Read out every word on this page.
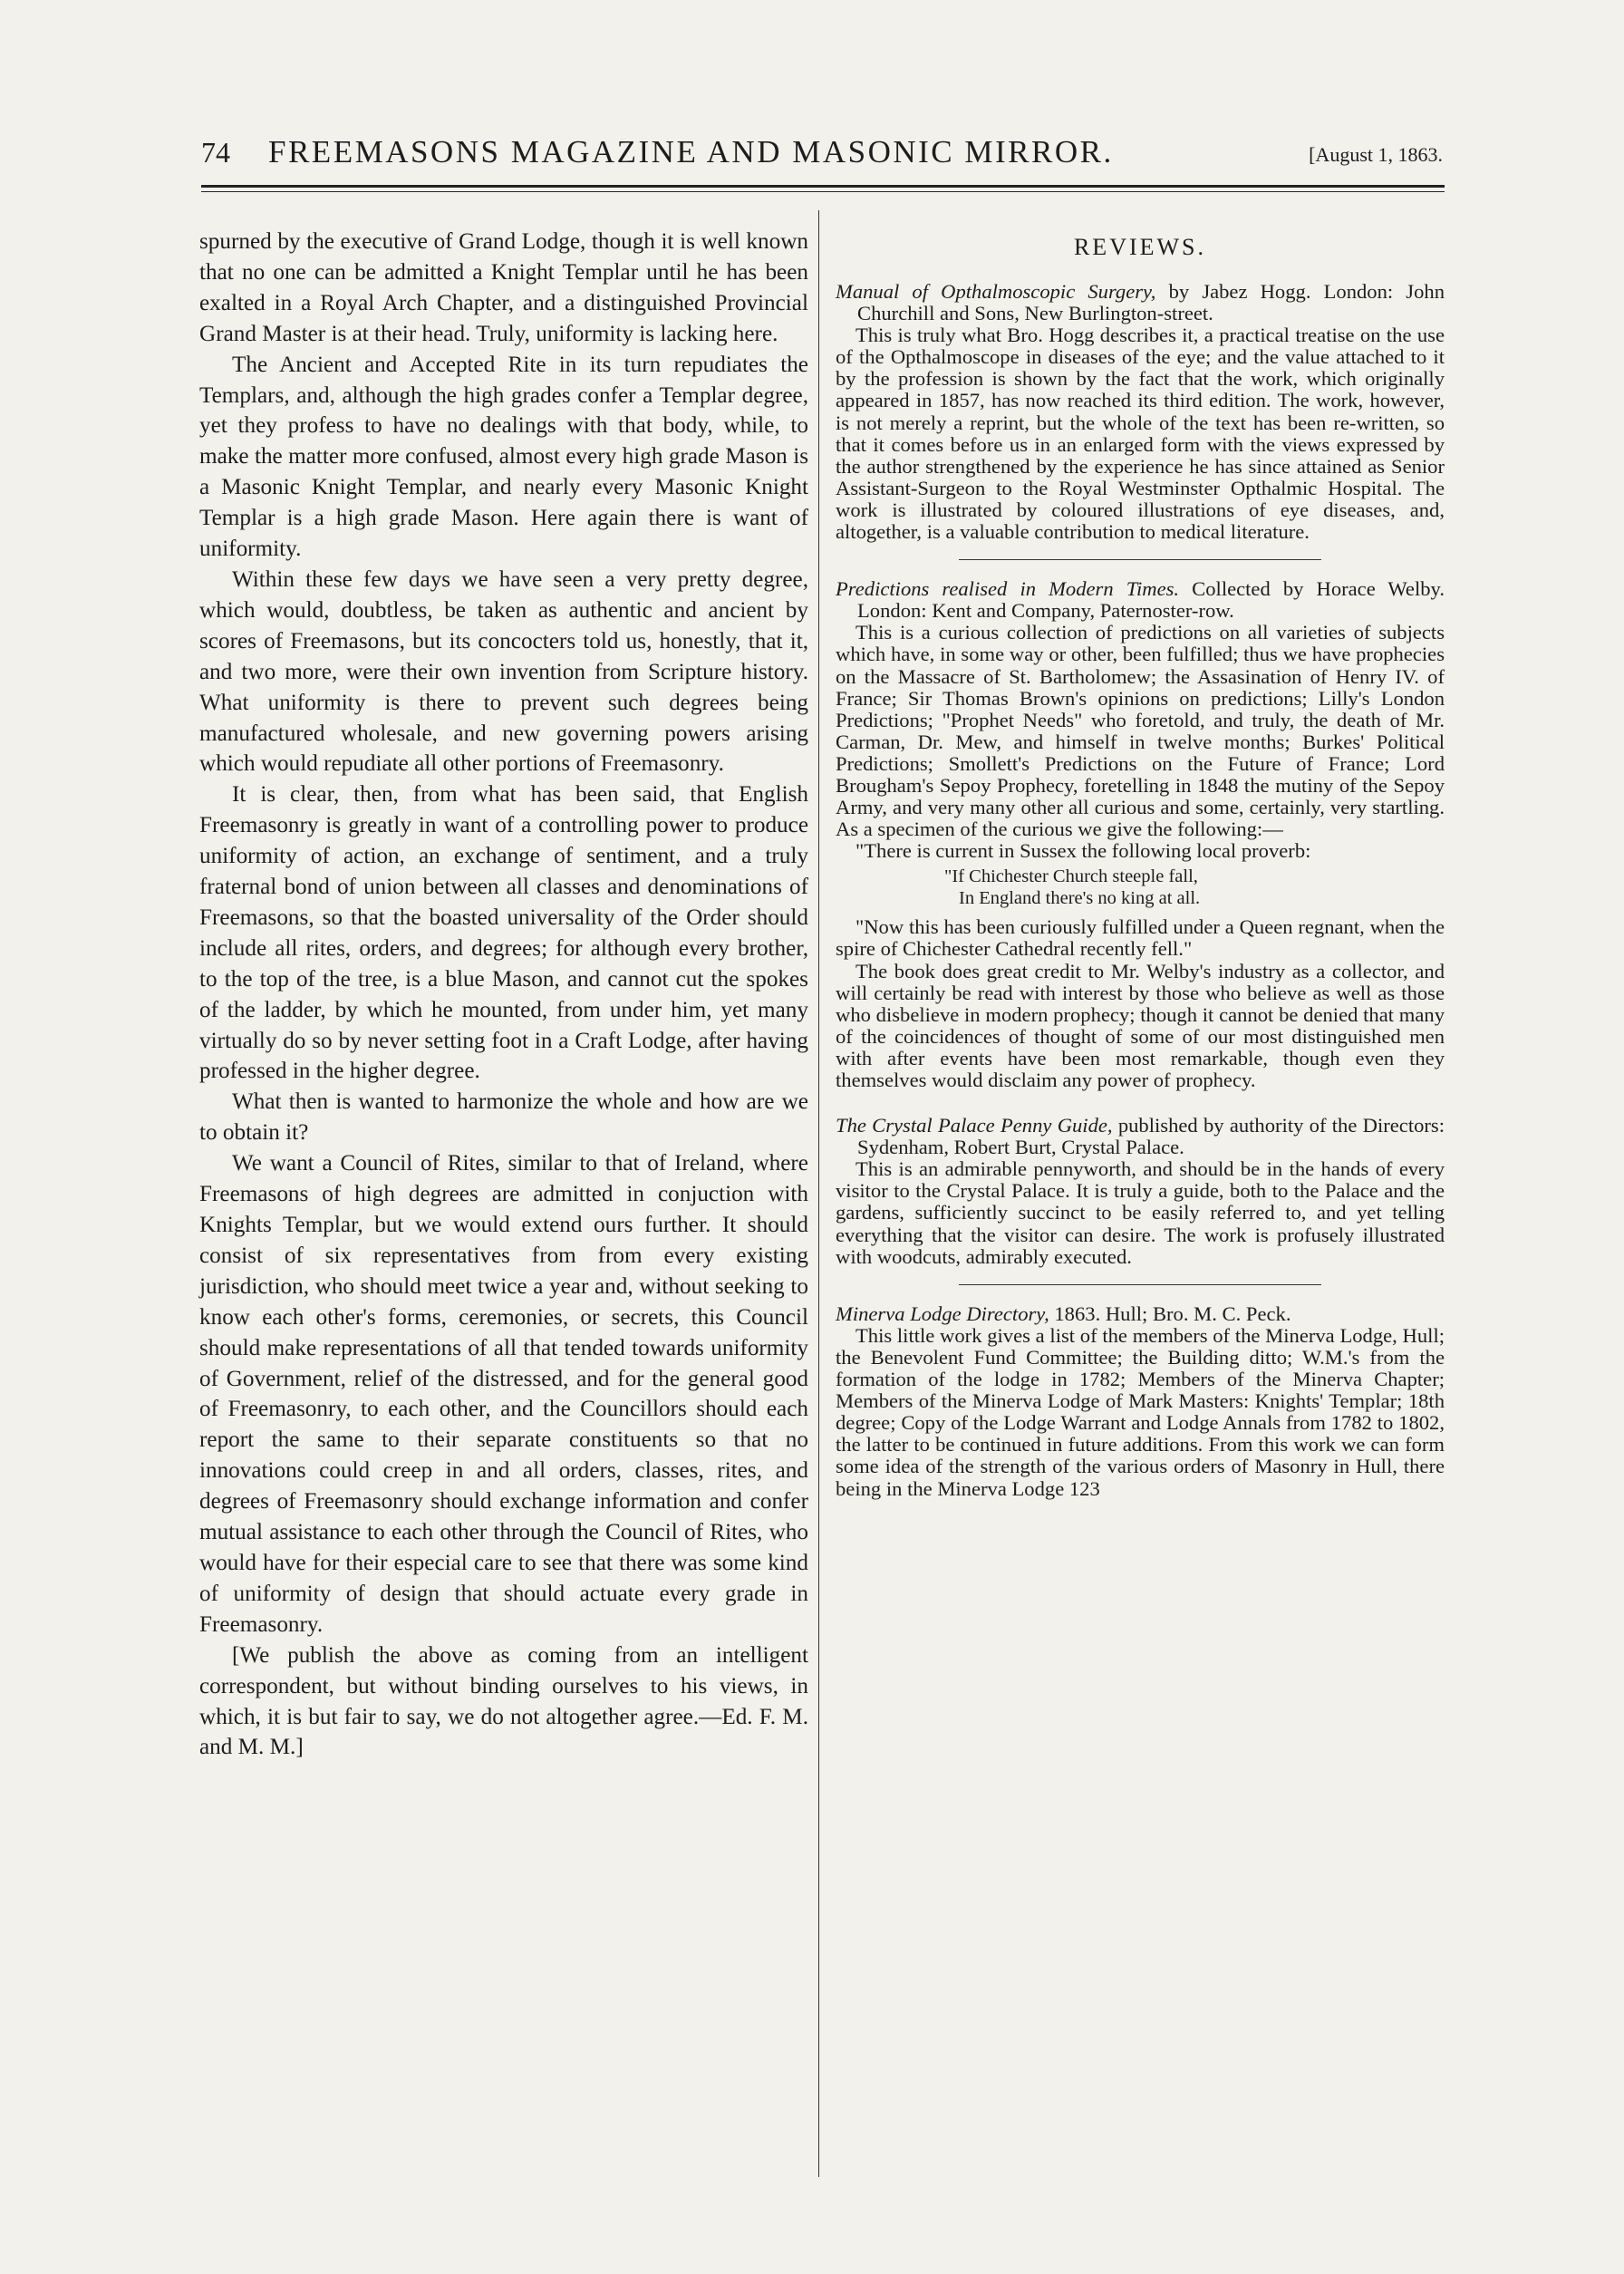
74 FREEMASONS MAGAZINE AND MASONIC MIRROR.	[August 1, 1863.

spurned by the executive of Grand Lodge, though it is well known that no one can be admitted a Knight Templar until he has been exalted in a Royal Arch Chapter, and a distinguished Provincial Grand Master is at their head. Truly, uniformity is lacking here.

The Ancient and Accepted Rite in its turn repudiates the Templars, and, although the high grades confer a Templar degree, yet they profess to have no dealings with that body, while, to make the matter more confused, almost every high grade Mason is a Masonic Knight Templar, and nearly every Masonic Knight Templar is a high grade Mason. Here again there is want of uniformity.

Within these few days we have seen a very pretty degree, which would, doubtless, be taken as authentic and ancient by scores of Freemasons, but its concocters told us, honestly, that it, and two more, were their own invention from Scripture history. What uniformity is there to prevent such degrees being manufactured wholesale, and new governing powers arising which would repudiate all other portions of Freemasonry.

It is clear, then, from what has been said, that English Freemasonry is greatly in want of a controlling power to produce uniformity of action, an exchange of sentiment, and a truly fraternal bond of union between all classes and denominations of Freemasons, so that the boasted universality of the Order should include all rites, orders, and degrees; for although every brother, to the top of the tree, is a blue Mason, and cannot cut the spokes of the ladder, by which he mounted, from under him, yet many virtually do so by never setting foot in a Craft Lodge, after having professed in the higher degree.

What then is wanted to harmonize the whole and how are we to obtain it?

We want a Council of Rites, similar to that of Ireland, where Freemasons of high degrees are admitted in conjuction with Knights Templar, but we would extend ours further. It should consist of six representatives from from every existing jurisdiction, who should meet twice a year and, without seeking to know each other's forms, ceremonies, or secrets, this Council should make representations of all that tended towards uniformity of Government, relief of the distressed, and for the general good of Freemasonry, to each other, and the Councillors should each report the same to their separate constituents so that no innovations could creep in and all orders, classes, rites, and degrees of Freemasonry should exchange information and confer mutual assistance to each other through the Council of Rites, who would have for their especial care to see that there was some kind of uniformity of design that should actuate every grade in Freemasonry.

[We publish the above as coming from an intelligent correspondent, but without binding ourselves to his views, in which, it is but fair to say, we do not altogether agree.—Ed. F. M. and M. M.]

REVIEWS.

Manual of Opthalmoscopic Surgery, by Jabez Hogg. London: John Churchill and Sons, New Burlington-street.

This is truly what Bro. Hogg describes it, a practical treatise on the use of the Opthalmoscope in diseases of the eye; and the value attached to it by the profession is shown by the fact that the work, which originally appeared in 1857, has now reached its third edition. The work, however, is not merely a reprint, but the whole of the text has been re-written, so that it comes before us in an enlarged form with the views expressed by the author strengthened by the experience he has since attained as Senior Assistant-Surgeon to the Royal Westminster Opthalmic Hospital. The work is illustrated by coloured illustrations of eye diseases, and, altogether, is a valuable contribution to medical literature.

Predictions realised in Modern Times. Collected by Horace Welby. London: Kent and Company, Paternoster-row.

This is a curious collection of predictions on all varieties of subjects which have, in some way or other, been fulfilled; thus we have prophecies on the Massacre of St. Bartholomew; the Assasination of Henry IV. of France; Sir Thomas Brown's opinions on predictions; Lilly's London Predictions; "Prophet Needs" who foretold, and truly, the death of Mr. Carman, Dr. Mew, and himself in twelve months; Burkes' Political Predictions; Smollett's Predictions on the Future of France; Lord Brougham's Sepoy Prophecy, foretelling in 1848 the mutiny of the Sepoy Army, and very many other all curious and some, certainly, very startling. As a specimen of the curious we give the following:—

"There is current in Sussex the following local proverb:

"If Chichester Church steeple fall,
In England there's no king at all.

"Now this has been curiously fulfilled under a Queen regnant, when the spire of Chichester Cathedral recently fell."

The book does great credit to Mr. Welby's industry as a collector, and will certainly be read with interest by those who believe as well as those who disbelieve in modern prophecy; though it cannot be denied that many of the coincidences of thought of some of our most distinguished men with after events have been most remarkable, though even they themselves would disclaim any power of prophecy.

The Crystal Palace Penny Guide, published by authority of the Directors: Sydenham, Robert Burt, Crystal Palace.

This is an admirable pennyworth, and should be in the hands of every visitor to the Crystal Palace. It is truly a guide, both to the Palace and the gardens, sufficiently succinct to be easily referred to, and yet telling everything that the visitor can desire. The work is profusely illustrated with woodcuts, admirably executed.

Minerva Lodge Directory, 1863. Hull; Bro. M. C. Peck.

This little work gives a list of the members of the Minerva Lodge, Hull; the Benevolent Fund Committee; the Building ditto; W.M.'s from the formation of the lodge in 1782; Members of the Minerva Chapter; Members of the Minerva Lodge of Mark Masters: Knights' Templar; 18th degree; Copy of the Lodge Warrant and Lodge Annals from 1782 to 1802, the latter to be continued in future additions. From this work we can form some idea of the strength of the various orders of Masonry in Hull, there being in the Minerva Lodge 123
